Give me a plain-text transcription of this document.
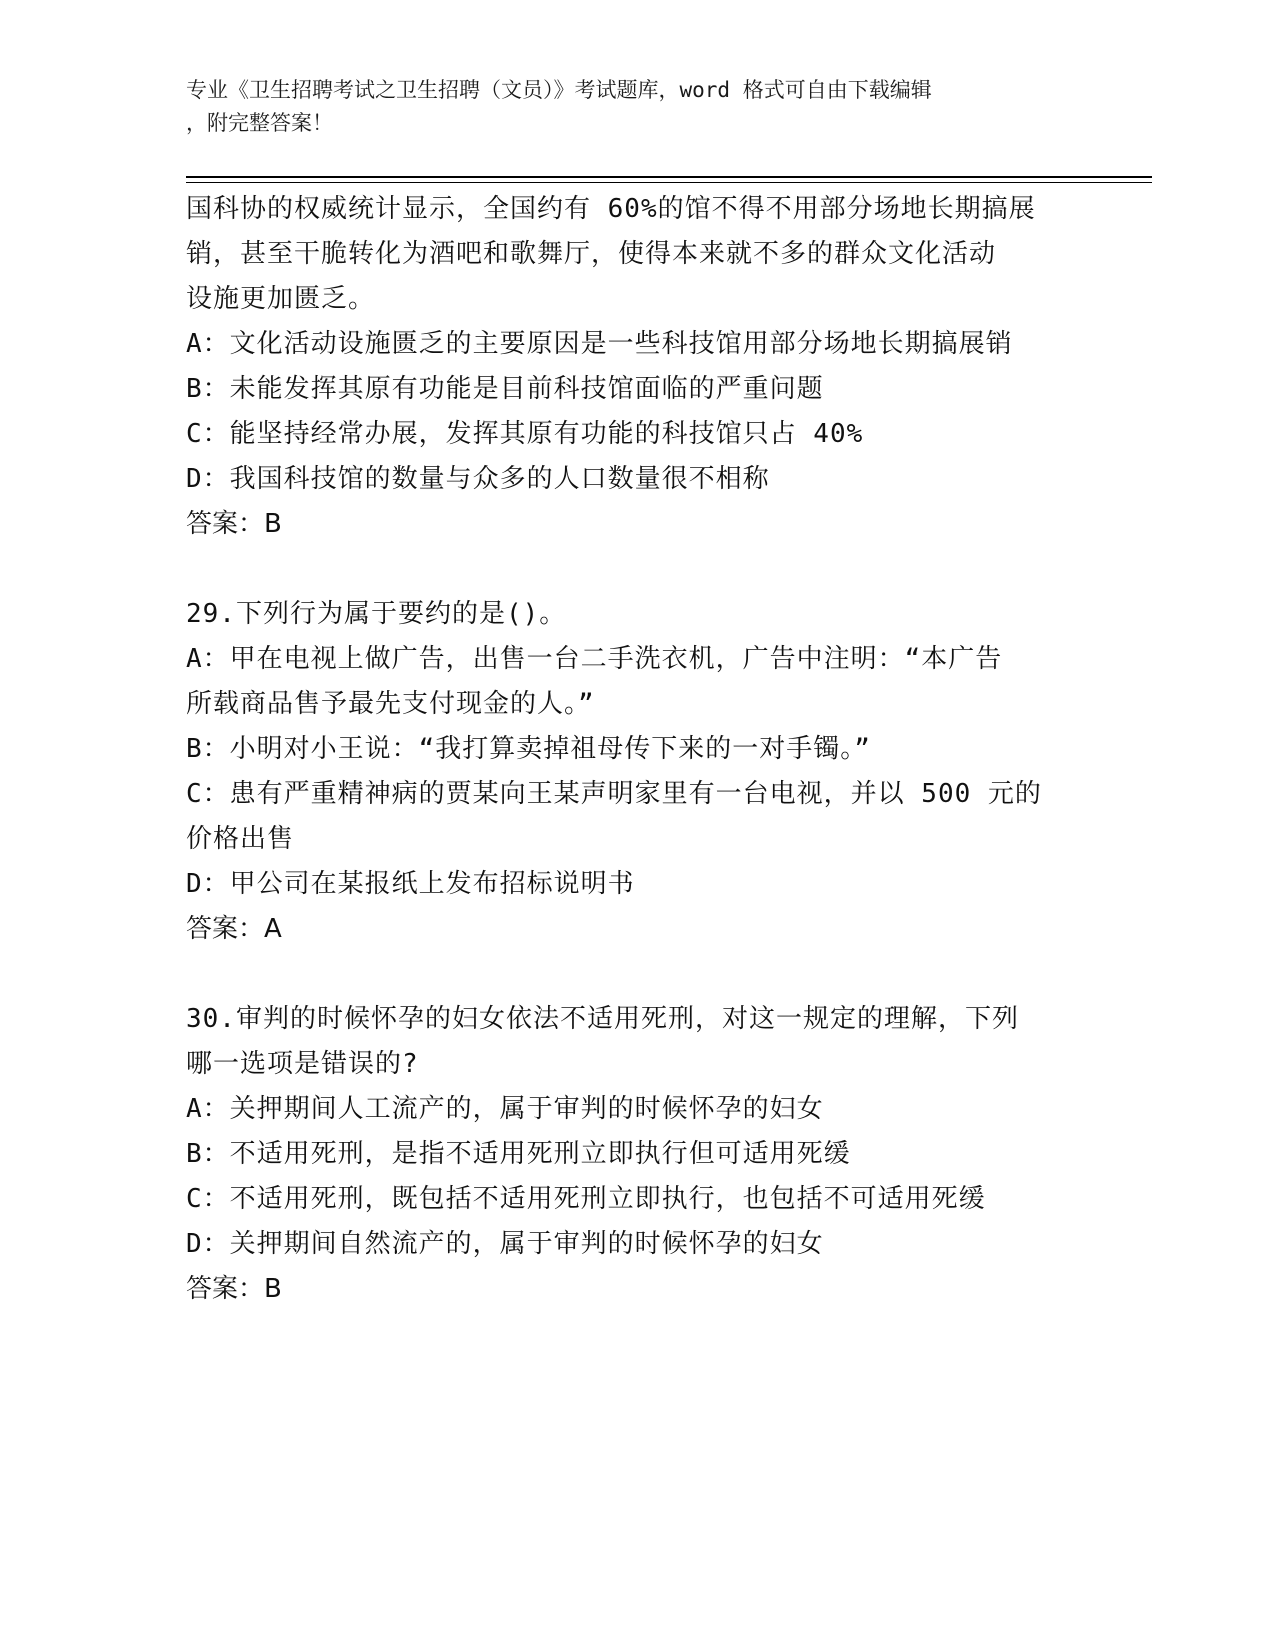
专业《卫生招聘考试之卫生招聘（文员）》考试题库，word 格式可自由下载编辑
，附完整答案！
国科协的权威统计显示，全国约有 60%的馆不得不用部分场地长期搞展
销，甚至干脆转化为酒吧和歌舞厅，使得本来就不多的群众文化活动
设施更加匮乏。
A：文化活动设施匮乏的主要原因是一些科技馆用部分场地长期搞展销
B：未能发挥其原有功能是目前科技馆面临的严重问题
C：能坚持经常办展，发挥其原有功能的科技馆只占 40%
D：我国科技馆的数量与众多的人口数量很不相称
答案：B
29.下列行为属于要约的是()。
A：甲在电视上做广告，出售一台二手洗衣机，广告中注明：“本广告
所载商品售予最先支付现金的人。”
B：小明对小王说：“我打算卖掉祖母传下来的一对手镯。”
C：患有严重精神病的贾某向王某声明家里有一台电视，并以 500 元的
价格出售
D：甲公司在某报纸上发布招标说明书
答案：A
30.审判的时候怀孕的妇女依法不适用死刑，对这一规定的理解，下列
哪一选项是错误的?
A：关押期间人工流产的，属于审判的时候怀孕的妇女
B：不适用死刑，是指不适用死刑立即执行但可适用死缓
C：不适用死刑，既包括不适用死刑立即执行，也包括不可适用死缓
D：关押期间自然流产的，属于审判的时候怀孕的妇女
答案：B
